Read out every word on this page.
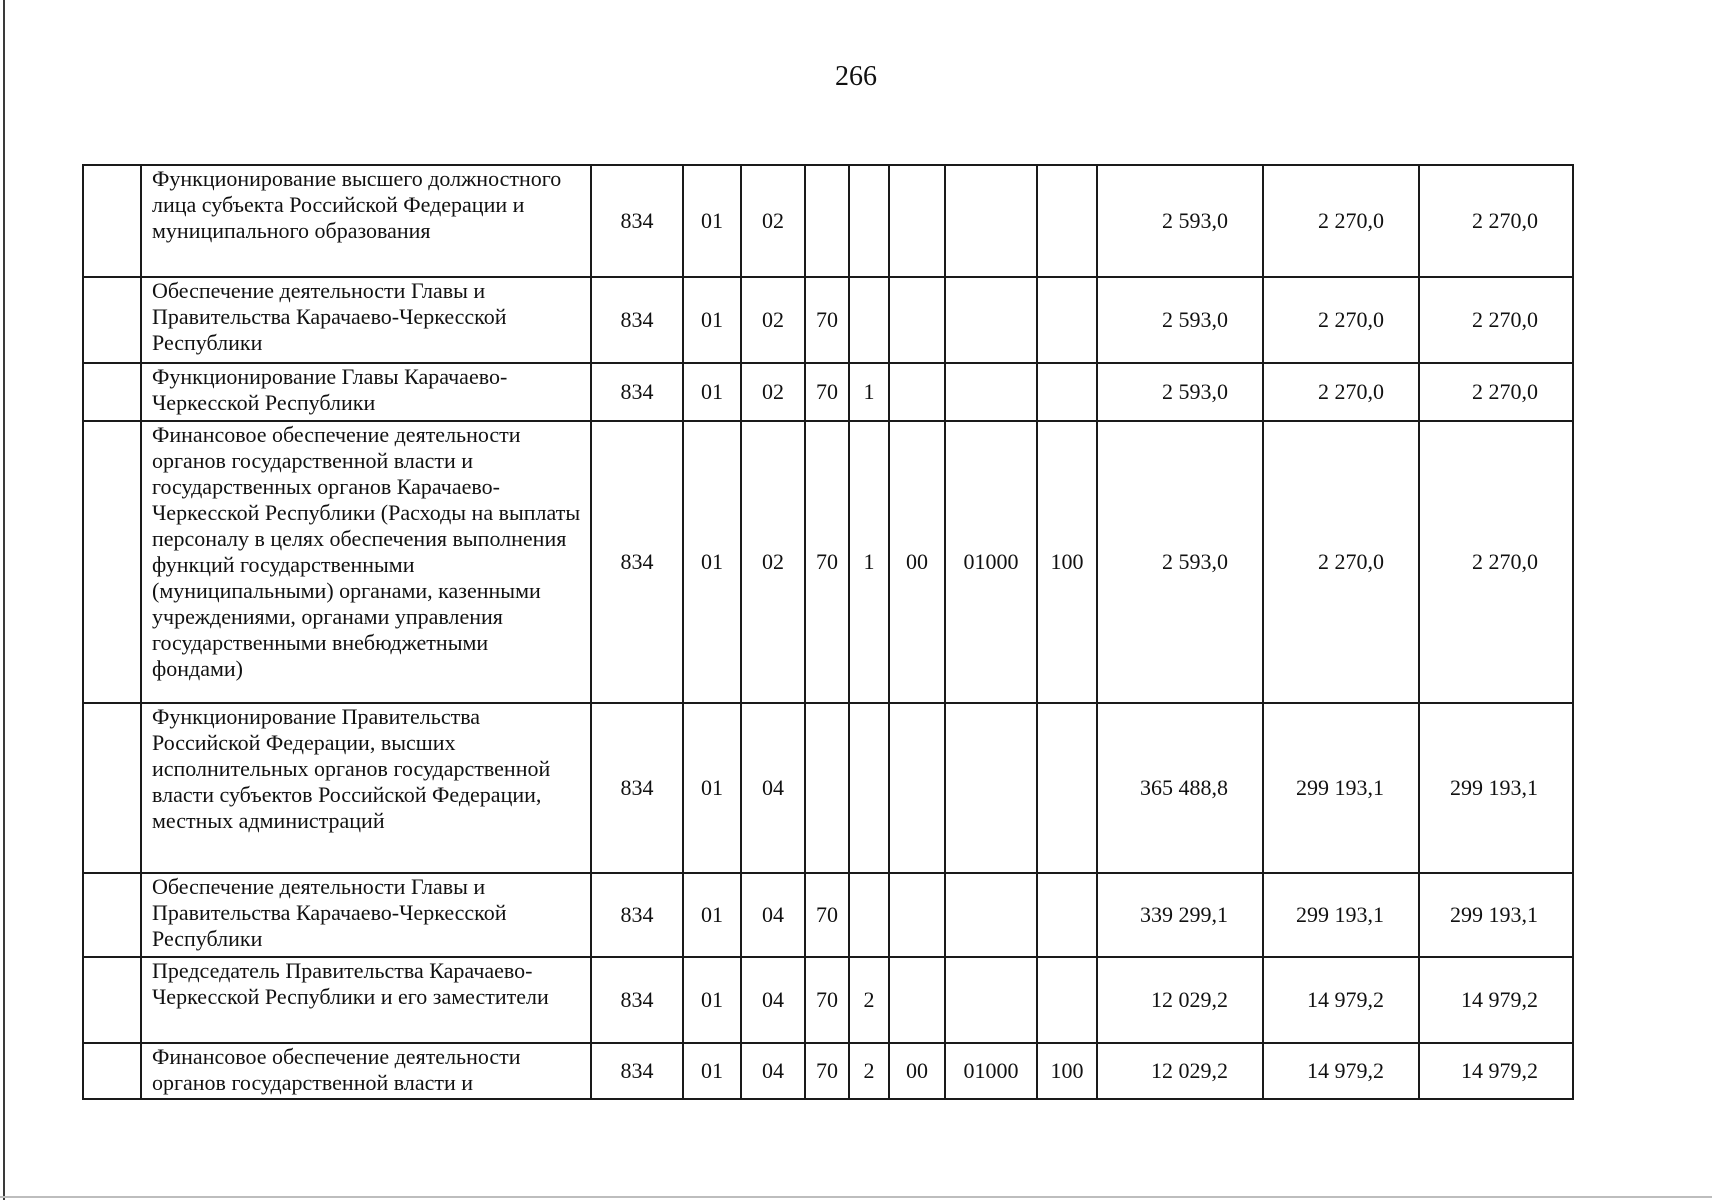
266
	Функционирование высшего должностного лица субъекта Российской Федерации и муниципального образования	834	01	02						2 593,0	2 270,0	2 270,0
	Обеспечение деятельности Главы и Правительства Карачаево-Черкесской Республики	834	01	02	70					2 593,0	2 270,0	2 270,0
	Функционирование Главы Карачаево-Черкесской Республики	834	01	02	70	1				2 593,0	2 270,0	2 270,0
	Финансовое обеспечение деятельности органов государственной власти и государственных органов Карачаево-Черкесской Республики (Расходы на выплаты персоналу в целях обеспечения выполнения функций государственными (муниципальными) органами, казенными учреждениями, органами управления государственными внебюджетными фондами)	834	01	02	70	1	00	01000	100	2 593,0	2 270,0	2 270,0
	Функционирование Правительства Российской Федерации, высших исполнительных органов государственной власти субъектов Российской Федерации, местных администраций	834	01	04						365 488,8	299 193,1	299 193,1
	Обеспечение деятельности Главы и Правительства Карачаево-Черкесской Республики	834	01	04	70					339 299,1	299 193,1	299 193,1
	Председатель Правительства Карачаево-Черкесской Республики и его заместители	834	01	04	70	2				12 029,2	14 979,2	14 979,2
	Финансовое обеспечение деятельности органов государственной власти и	834	01	04	70	2	00	01000	100	12 029,2	14 979,2	14 979,2
